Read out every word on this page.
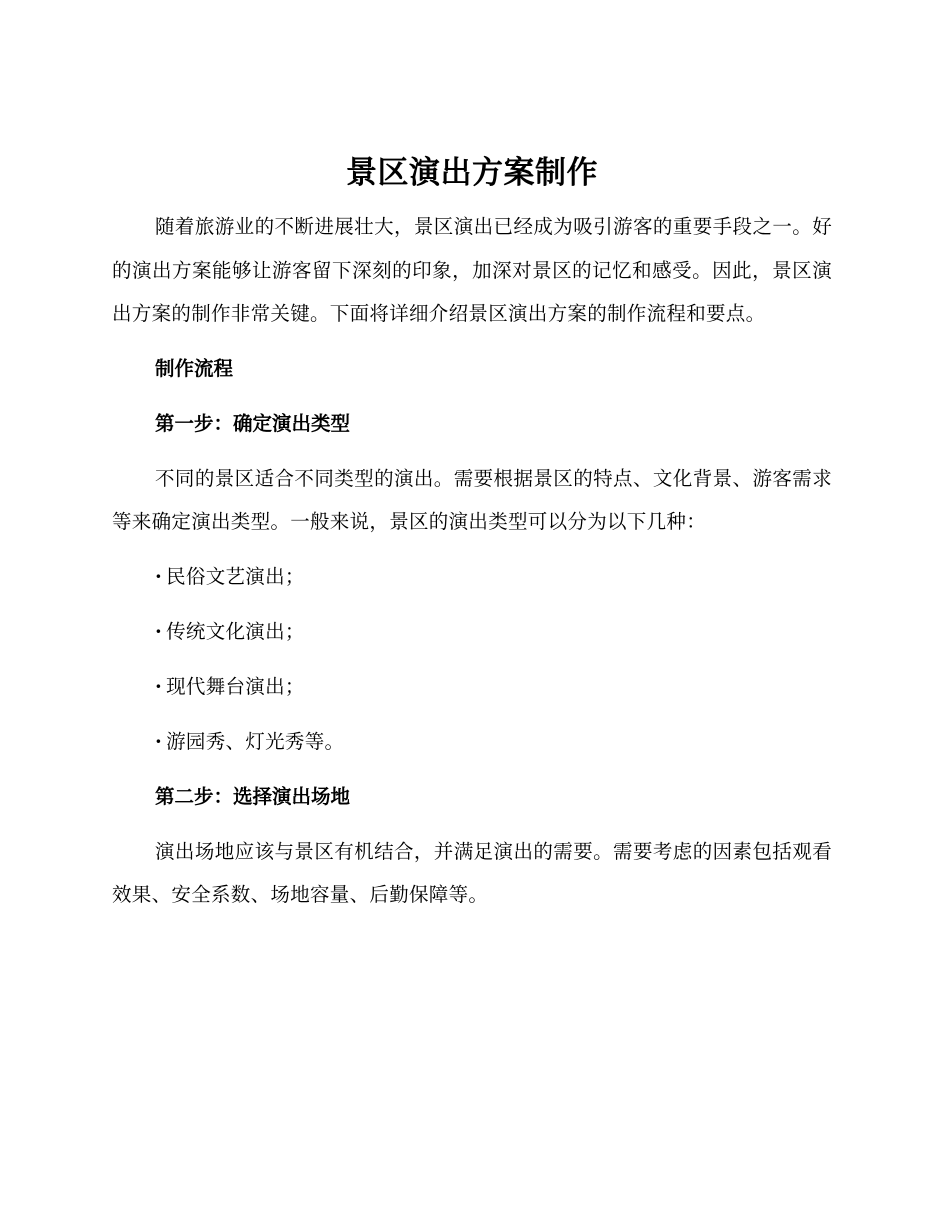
景区演出方案制作

随着旅游业的不断进展壮大，景区演出已经成为吸引游客的重要手段之一。好的演出方案能够让游客留下深刻的印象，加深对景区的记忆和感受。因此，景区演出方案的制作非常关键。下面将详细介绍景区演出方案的制作流程和要点。

制作流程
第一步：确定演出类型

不同的景区适合不同类型的演出。需要根据景区的特点、文化背景、游客需求等来确定演出类型。一般来说，景区的演出类型可以分为以下几种：

· 民俗文艺演出；
· 传统文化演出；
· 现代舞台演出；
· 游园秀、灯光秀等。
第二步：选择演出场地

演出场地应该与景区有机结合，并满足演出的需要。需要考虑的因素包括观看效果、安全系数、场地容量、后勤保障等。
